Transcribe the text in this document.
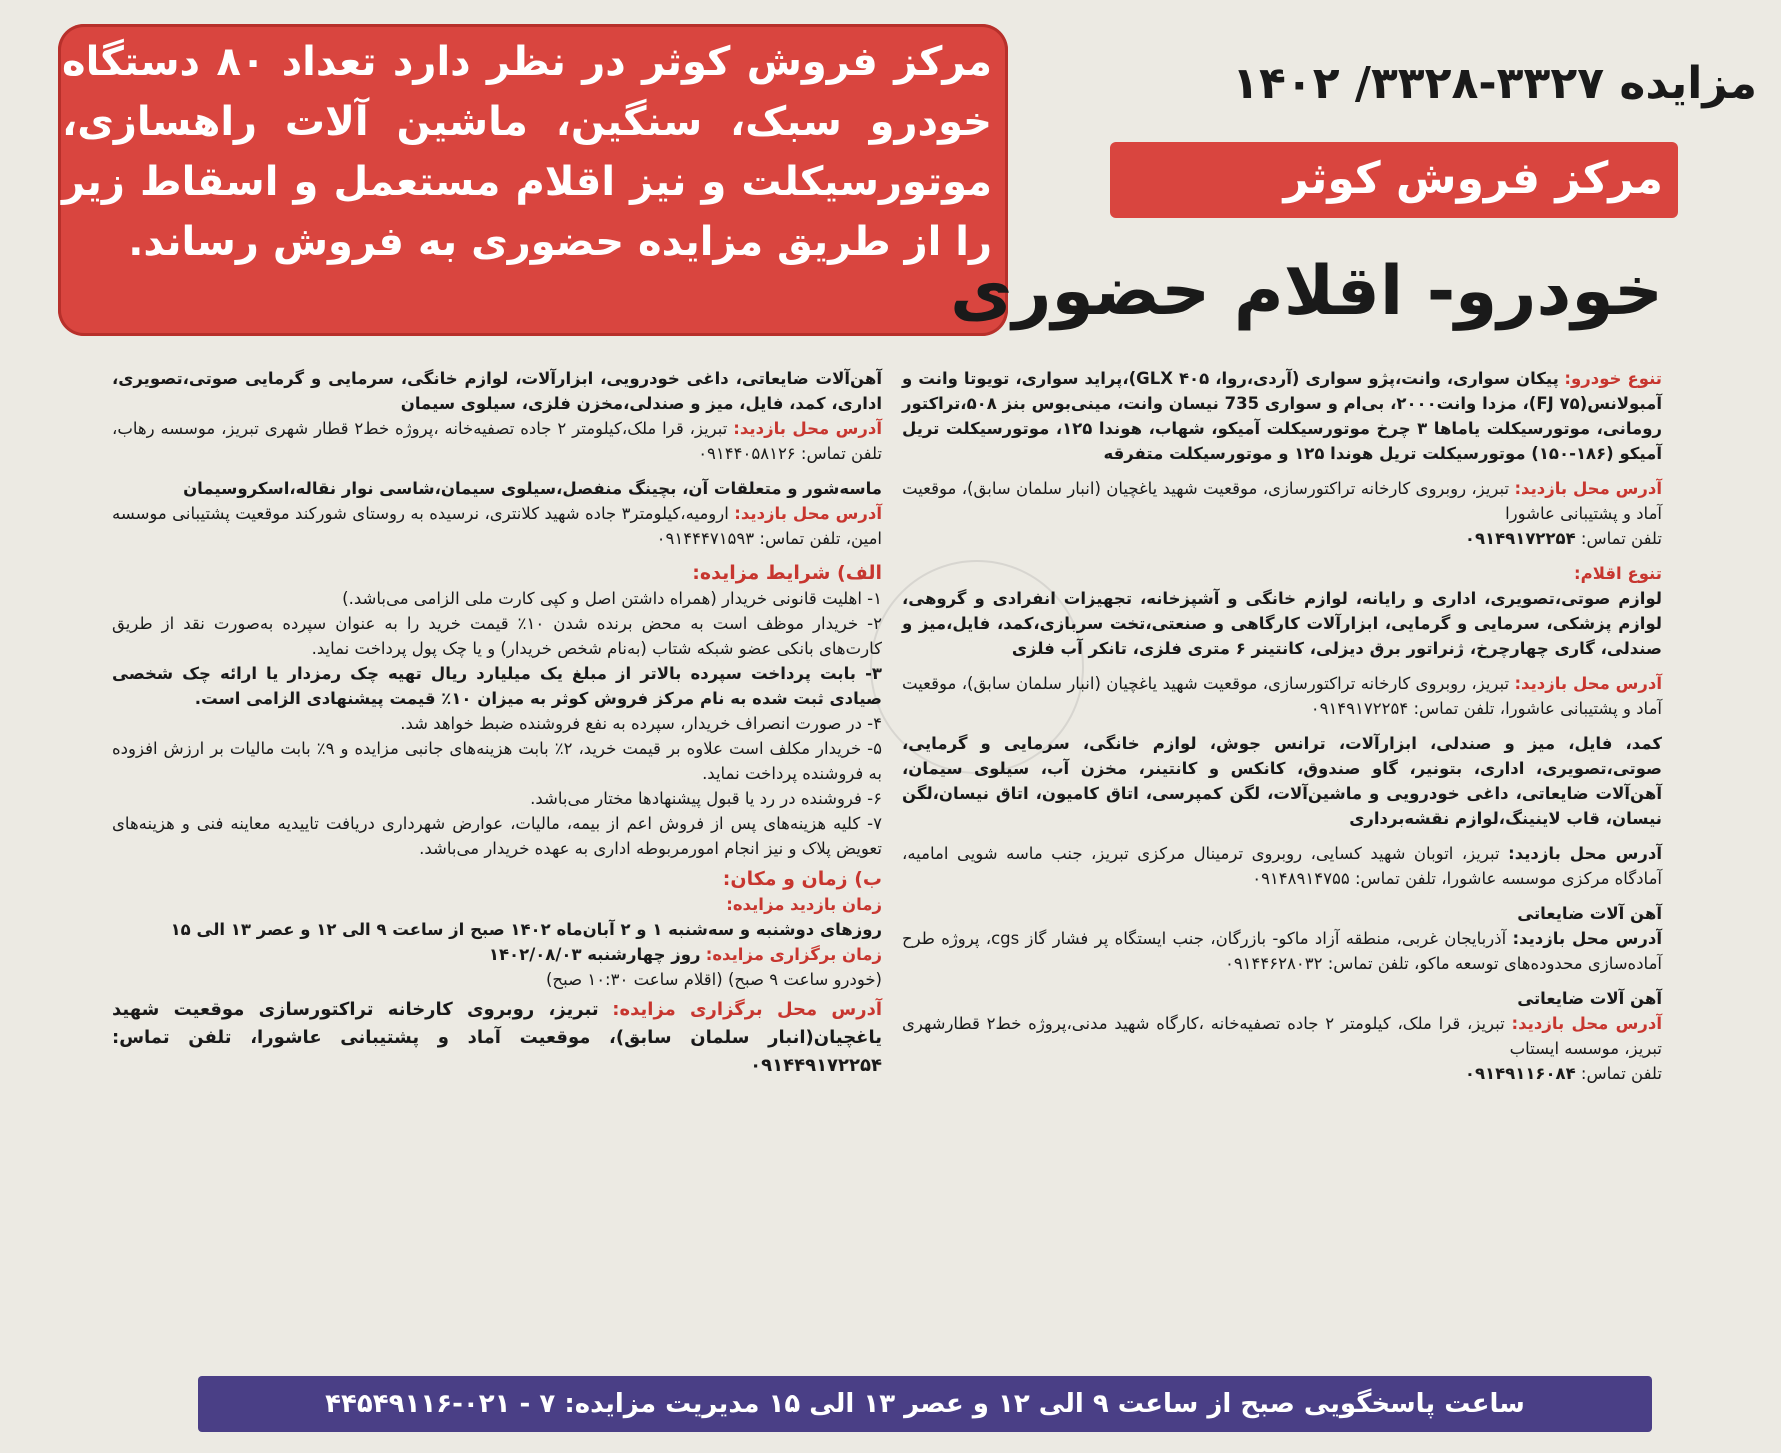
مرکز فروش کوثر در نظر دارد تعداد ۸۰ دستگاه خودرو سبک، سنگین، ماشین آلات راهسازی، موتورسیکلت و نیز اقلام مستعمل و اسقاط زیر را از طریق مزایده حضوری به فروش رساند.
مزایده ۳۳۲۷-۳۳۲۸/ ۱۴۰۲
مرکز فروش کوثر
خودرو- اقلام حضوری

تنوع خودرو: پیکان سواری، وانت،پژو سواری (آردی،روا، GLX ۴۰۵)،پراید سواری، تویوتا وانت و آمبولانس(FJ ۷۵)، مزدا وانت۲۰۰۰، بی‌ام و سواری 735 نیسان وانت، مینی‌بوس بنز ۵۰۸،تراکتور رومانی، موتورسیکلت یاماها ۳ چرخ موتورسیکلت آمیکو، شهاب، هوندا ۱۲۵، موتورسیکلت تریل آمیکو (۱۸۶-۱۵۰) موتورسیکلت تریل هوندا ۱۲۵ و موتورسیکلت متفرقه

آدرس محل بازدید: تبریز، روبروی کارخانه تراکتورسازی، موقعیت شهید یاغچیان (انبار سلمان سابق)، موقعیت آماد و پشتیبانی عاشورا
تلفن تماس: ۰۹۱۴۹۱۷۲۲۵۴

تنوع اقلام:
لوازم صوتی،تصویری، اداری و رایانه، لوازم خانگی و آشپزخانه، تجهیزات انفرادی و گروهی، لوازم پزشکی، سرمایی و گرمایی، ابزارآلات کارگاهی و صنعتی،تخت سربازی،کمد، فایل،میز و صندلی، گاری چهارچرخ، ژنراتور برق دیزلی، کانتینر ۶ متری فلزی، تانکر آب فلزی

آدرس محل بازدید: تبریز، روبروی کارخانه تراکتورسازی، موقعیت شهید یاغچیان (انبار سلمان سابق)، موقعیت آماد و پشتیبانی عاشورا، تلفن تماس: ۰۹۱۴۹۱۷۲۲۵۴

کمد، فایل، میز و صندلی، ابزارآلات، ترانس جوش، لوازم خانگی، سرمایی و گرمایی، صوتی،تصویری، اداری، بتونیر، گاو صندوق، کانکس و کانتینر، مخزن آب، سیلوی سیمان، آهن‌آلات ضایعاتی، داغی خودرویی و ماشین‌آلات، لگن کمپرسی، اتاق کامیون، اتاق نیسان،لگن نیسان، قاب لاینینگ،لوازم نقشه‌برداری

آدرس محل بازدید: تبریز، اتوبان شهید کسایی، روبروی ترمینال مرکزی تبریز، جنب ماسه شویی امامیه، آمادگاه مرکزی موسسه عاشورا، تلفن تماس: ۰۹۱۴۸۹۱۴۷۵۵

آهن آلات ضایعاتی
آدرس محل بازدید: آذربایجان غربی، منطقه آزاد ماکو- بازرگان، جنب ایستگاه پر فشار گاز cgs، پروژه طرح آماده‌سازی محدوده‌های توسعه ماکو، تلفن تماس: ۰۹۱۴۴۶۲۸۰۳۲

آهن آلات ضایعاتی
آدرس محل بازدید: تبریز، قرا ملک، کیلومتر ۲ جاده تصفیه‌خانه ،کارگاه شهید مدنی،پروژه خط۲ قطارشهری تبریز، موسسه ایستاب
تلفن تماس: ۰۹۱۴۹۱۱۶۰۸۴

آهن‌آلات ضایعاتی، داغی خودرویی، ابزارآلات، لوازم خانگی، سرمایی و گرمایی صوتی،تصویری، اداری، کمد، فایل، میز و صندلی،مخزن فلزی، سیلوی سیمان
آدرس محل بازدید: تبریز، قرا ملک،کیلومتر ۲ جاده تصفیه‌خانه ،پروژه خط۲ قطار شهری تبریز، موسسه رهاب، تلفن تماس: ۰۹۱۴۴۰۵۸۱۲۶

ماسه‌شور و متعلقات آن، بچینگ منفصل،سیلوی سیمان،شاسی نوار نقاله،اسکروسیمان
آدرس محل بازدید: ارومیه،کیلومتر۳ جاده شهید کلانتری، نرسیده به روستای شورکند موقعیت پشتیبانی موسسه امین، تلفن تماس: ۰۹۱۴۴۴۷۱۵۹۳

الف) شرایط مزایده:
۱- اهلیت قانونی خریدار (همراه داشتن اصل و کپی کارت ملی الزامی می‌باشد.)
۲- خریدار موظف است به محض برنده شدن ۱۰٪ قیمت خرید را به عنوان سپرده به‌صورت نقد از طریق کارت‌های بانکی عضو شبکه شتاب (به‌نام شخص خریدار) و یا چک پول پرداخت نماید.
۳- بابت پرداخت سپرده بالاتر از مبلغ یک میلیارد ریال تهیه چک رمزدار یا ارائه چک شخصی صیادی ثبت شده به نام مرکز فروش کوثر به میزان ۱۰٪ قیمت پیشنهادی الزامی است.
۴- در صورت انصراف خریدار، سپرده به نفع فروشنده ضبط خواهد شد.
۵- خریدار مکلف است علاوه بر قیمت خرید، ۲٪ بابت هزینه‌های جانبی مزایده و ۹٪ بابت مالیات بر ارزش افزوده به فروشنده پرداخت نماید.
۶- فروشنده در رد یا قبول پیشنهادها مختار می‌باشد.
۷- کلیه هزینه‌های پس از فروش اعم از بیمه، مالیات، عوارض شهرداری دریافت تاییدیه معاینه فنی و هزینه‌های تعویض پلاک و نیز انجام امورمربوطه اداری به عهده خریدار می‌باشد.
ب) زمان و مکان:
زمان بازدید مزایده:
روزهای دوشنبه و سه‌شنبه ۱ و ۲ آبان‌ماه ۱۴۰۲ صبح از ساعت ۹ الی ۱۲ و عصر ۱۳ الی ۱۵
زمان برگزاری مزایده: روز چهارشنبه ۱۴۰۲/۰۸/۰۳
(خودرو ساعت ۹ صبح) (اقلام ساعت ۱۰:۳۰ صبح)
آدرس محل برگزاری مزایده: تبریز، روبروی کارخانه تراکتورسازی موقعیت شهید یاغچیان(انبار سلمان سابق)، موقعیت آماد و پشتیبانی عاشورا، تلفن تماس: ۰۹۱۴۴۹۱۷۲۲۵۴
ساعت پاسخگویی صبح از ساعت ۹ الی ۱۲ و عصر ۱۳ الی ۱۵ مدیریت مزایده: ۷ - ۰۲۱-۴۴۵۴۹۱۱۶
